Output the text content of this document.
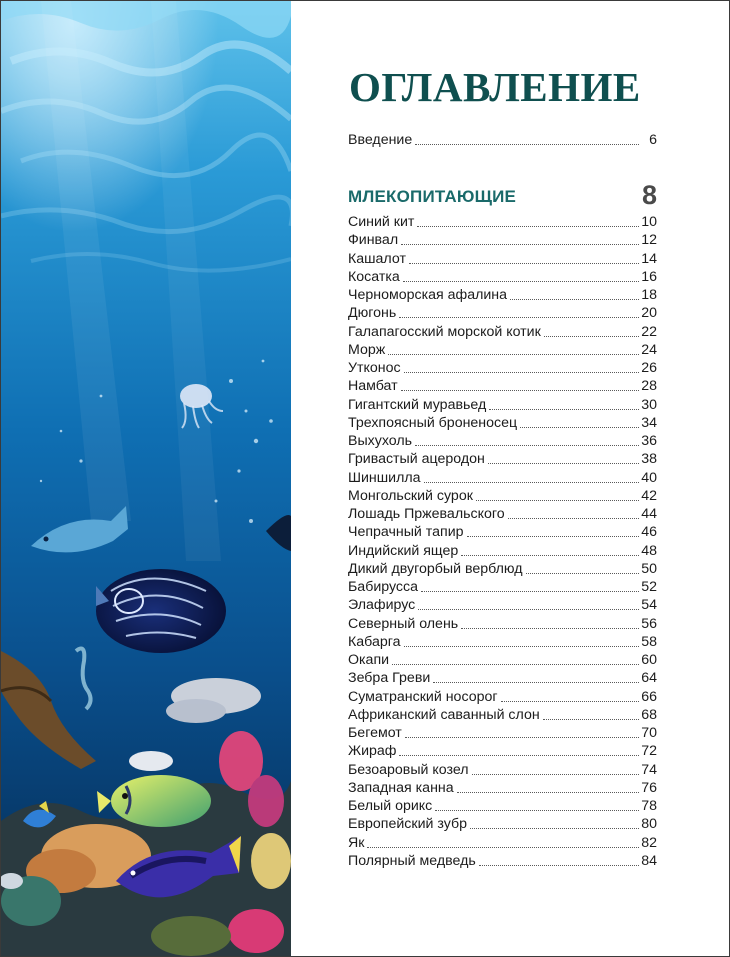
ОГЛАВЛЕНИЕ
Введение	6
МЛЕКОПИТАЮЩИЕ	8
Синий кит	10
Финвал	12
Кашалот	14
Косатка	16
Черноморская афалина	18
Дюгонь	20
Галапагосский морской котик	22
Морж	24
Утконос	26
Намбат	28
Гигантский муравьед	30
Трехпоясный броненосец	34
Выхухоль	36
Гривастый ацеродон	38
Шиншилла	40
Монгольский сурок	42
Лошадь Пржевальского	44
Чепрачный тапир	46
Индийский ящер	48
Дикий двугорбый верблюд	50
Бабирусса	52
Элафирус	54
Северный олень	56
Кабарга	58
Окапи	60
Зебра Греви	64
Суматранский носорог	66
Африканский саванный слон	68
Бегемот	70
Жираф	72
Безоаровый козел	74
Западная канна	76
Белый орикс	78
Европейский зубр	80
Як	82
Полярный медведь	84
